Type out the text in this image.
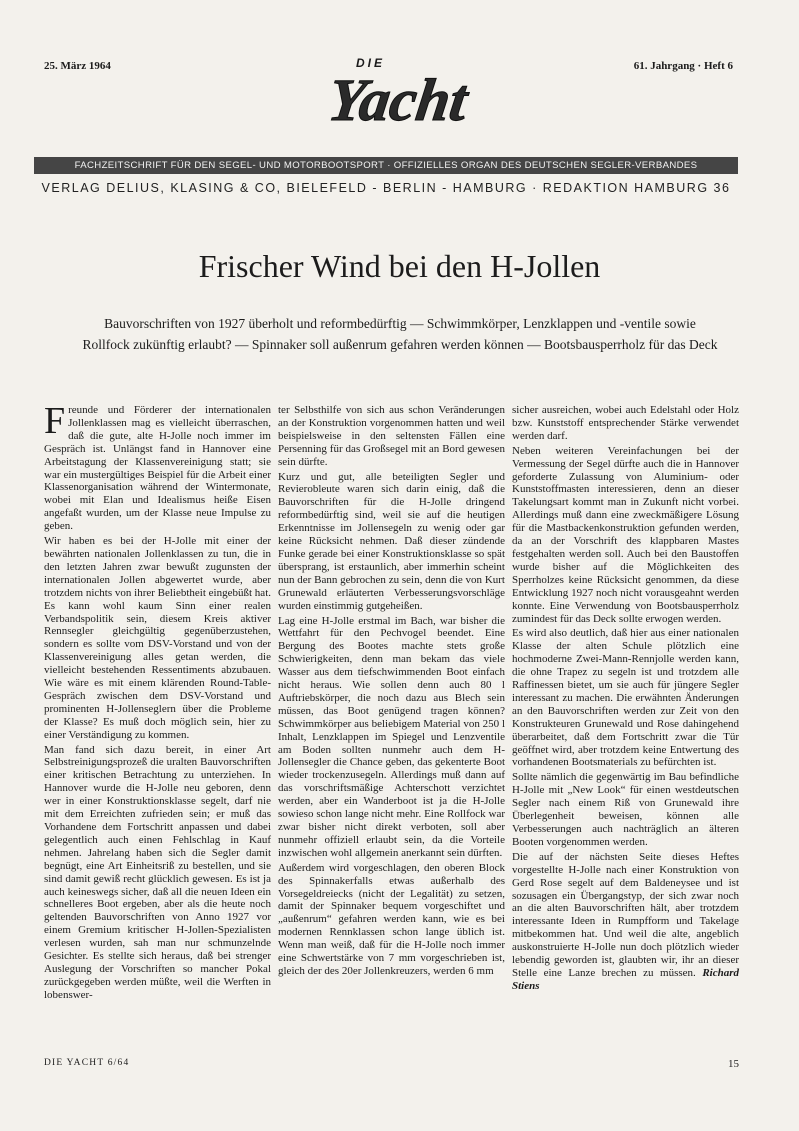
25. März 1964	61. Jahrgang · Heft 6
DIE
Yacht
FACHZEITSCHRIFT FÜR DEN SEGEL- UND MOTORBOOTSPORT · OFFIZIELLES ORGAN DES DEUTSCHEN SEGLER-VERBANDES
VERLAG DELIUS, KLASING & CO, BIELEFELD - BERLIN - HAMBURG · REDAKTION HAMBURG 36
Frischer Wind bei den H-Jollen
Bauvorschriften von 1927 überholt und reformbedürftig — Schwimmkörper, Lenzklappen und -ventile sowie Rollfock zukünftig erlaubt? — Spinnaker soll außenrum gefahren werden können — Bootsbausperrholz für das Deck

Freunde und Förderer der internationalen Jollenklassen mag es vielleicht überraschen, daß die gute, alte H-Jolle noch immer im Gespräch ist. Unlängst fand in Hannover eine Arbeitstagung der Klassenvereinigung statt; sie war ein mustergültiges Beispiel für die Arbeit einer Klassenorganisation während der Wintermonate, wobei mit Elan und Idealismus heiße Eisen angefaßt wurden, um der Klasse neue Impulse zu geben.

Wir haben es bei der H-Jolle mit einer der bewährten nationalen Jollenklassen zu tun, die in den letzten Jahren zwar bewußt zugunsten der internationalen Jollen abgewertet wurde, aber trotzdem nichts von ihrer Beliebtheit eingebüßt hat. Es kann wohl kaum Sinn einer realen Verbandspolitik sein, diesem Kreis aktiver Rennsegler gleichgültig gegenüberzustehen, sondern es sollte vom DSV-Vorstand und von der Klassenvereinigung alles getan werden, die vielleicht bestehenden Ressentiments abzubauen. Wie wäre es mit einem klärenden Round-Table-Gespräch zwischen dem DSV-Vorstand und prominenten H-Jollenseglern über die Probleme der Klasse? Es muß doch möglich sein, hier zu einer Verständigung zu kommen.

Man fand sich dazu bereit, in einer Art Selbstreinigungsprozeß die uralten Bauvorschriften einer kritischen Betrachtung zu unterziehen. In Hannover wurde die H-Jolle neu geboren, denn wer in einer Konstruktionsklasse segelt, darf nie mit dem Erreichten zufrieden sein; er muß das Vorhandene dem Fortschritt anpassen und dabei gelegentlich auch einen Fehlschlag in Kauf nehmen. Jahrelang haben sich die Segler damit begnügt, eine Art Einheitsriß zu bestellen, und sie sind damit gewiß recht glücklich gewesen. Es ist ja auch keineswegs sicher, daß all die neuen Ideen ein schnelleres Boot ergeben, aber als die heute noch geltenden Bauvorschriften von Anno 1927 vor einem Gremium kritischer H-Jollen-Spezialisten verlesen wurden, sah man nur schmunzelnde Gesichter. Es stellte sich heraus, daß bei strenger Auslegung der Vorschriften so mancher Pokal zurückgegeben werden müßte, weil die Werften in lobenswer-

ter Selbsthilfe von sich aus schon Veränderungen an der Konstruktion vorgenommen hatten und weil beispielsweise in den seltensten Fällen eine Persenning für das Großsegel mit an Bord gewesen sein dürfte.

Kurz und gut, alle beteiligten Segler und Revierobleute waren sich darin einig, daß die Bauvorschriften für die H-Jolle dringend reformbedürftig sind, weil sie auf die heutigen Erkenntnisse im Jollensegeln zu wenig oder gar keine Rücksicht nehmen. Daß dieser zündende Funke gerade bei einer Konstruktionsklasse so spät übersprang, ist erstaunlich, aber immerhin scheint nun der Bann gebrochen zu sein, denn die von Kurt Grunewald erläuterten Verbesserungsvorschläge wurden einstimmig gutgeheißen.

Lag eine H-Jolle erstmal im Bach, war bisher die Wettfahrt für den Pechvogel beendet. Eine Bergung des Bootes machte stets große Schwierigkeiten, denn man bekam das viele Wasser aus dem tiefschwimmenden Boot einfach nicht heraus. Wie sollen denn auch 80 l Auftriebskörper, die noch dazu aus Blech sein müssen, das Boot genügend tragen können? Schwimmkörper aus beliebigem Material von 250 l Inhalt, Lenzklappen im Spiegel und Lenzventile am Boden sollten nunmehr auch dem H-Jollensegler die Chance geben, das gekenterte Boot wieder trockenzusegeln. Allerdings muß dann auf das vorschriftsmäßige Achterschott verzichtet werden, aber ein Wanderboot ist ja die H-Jolle sowieso schon lange nicht mehr. Eine Rollfock war zwar bisher nicht direkt verboten, soll aber nunmehr offiziell erlaubt sein, da die Vorteile inzwischen wohl allgemein anerkannt sein dürften.

Außerdem wird vorgeschlagen, den oberen Block des Spinnakerfalls etwas außerhalb des Vorsegeldreiecks (nicht der Legalität) zu setzen, damit der Spinnaker bequem vorgeschiftet und „außenrum“ gefahren werden kann, wie es bei modernen Rennklassen schon lange üblich ist. Wenn man weiß, daß für die H-Jolle noch immer eine Schwertstärke von 7 mm vorgeschrieben ist, gleich der des 20er Jollenkreuzers, werden 6 mm

sicher ausreichen, wobei auch Edelstahl oder Holz bzw. Kunststoff entsprechender Stärke verwendet werden darf.

Neben weiteren Vereinfachungen bei der Vermessung der Segel dürfte auch die in Hannover geforderte Zulassung von Aluminium- oder Kunststoffmasten interessieren, denn an dieser Takelungsart kommt man in Zukunft nicht vorbei. Allerdings muß dann eine zweckmäßigere Lösung für die Mastbackenkonstruktion gefunden werden, da an der Vorschrift des klappbaren Mastes festgehalten werden soll. Auch bei den Baustoffen wurde bisher auf die Möglichkeiten des Sperrholzes keine Rücksicht genommen, da diese Entwicklung 1927 noch nicht vorausgeahnt werden konnte. Eine Verwendung von Bootsbausperrholz zumindest für das Deck sollte erwogen werden.

Es wird also deutlich, daß hier aus einer nationalen Klasse der alten Schule plötzlich eine hochmoderne Zwei-Mann-Rennjolle werden kann, die ohne Trapez zu segeln ist und trotzdem alle Raffinessen bietet, um sie auch für jüngere Segler interessant zu machen. Die erwähnten Änderungen an den Bauvorschriften werden zur Zeit von den Konstrukteuren Grunewald und Rose dahingehend überarbeitet, daß dem Fortschritt zwar die Tür geöffnet wird, aber trotzdem keine Entwertung des vorhandenen Bootsmaterials zu befürchten ist.

Sollte nämlich die gegenwärtig im Bau befindliche H-Jolle mit „New Look“ für einen westdeutschen Segler nach einem Riß von Grunewald ihre Überlegenheit beweisen, können alle Verbesserungen auch nachträglich an älteren Booten vorgenommen werden.

Die auf der nächsten Seite dieses Heftes vorgestellte H-Jolle nach einer Konstruktion von Gerd Rose segelt auf dem Baldeneysee und ist sozusagen ein Übergangstyp, der sich zwar noch an die alten Bauvorschriften hält, aber trotzdem interessante Ideen in Rumpfform und Takelage mitbekommen hat. Und weil die alte, angeblich auskonstruierte H-Jolle nun doch plötzlich wieder lebendig geworden ist, glaubten wir, ihr an dieser Stelle eine Lanze brechen zu müssen. Richard Stiens

DIE YACHT 6/64	15
